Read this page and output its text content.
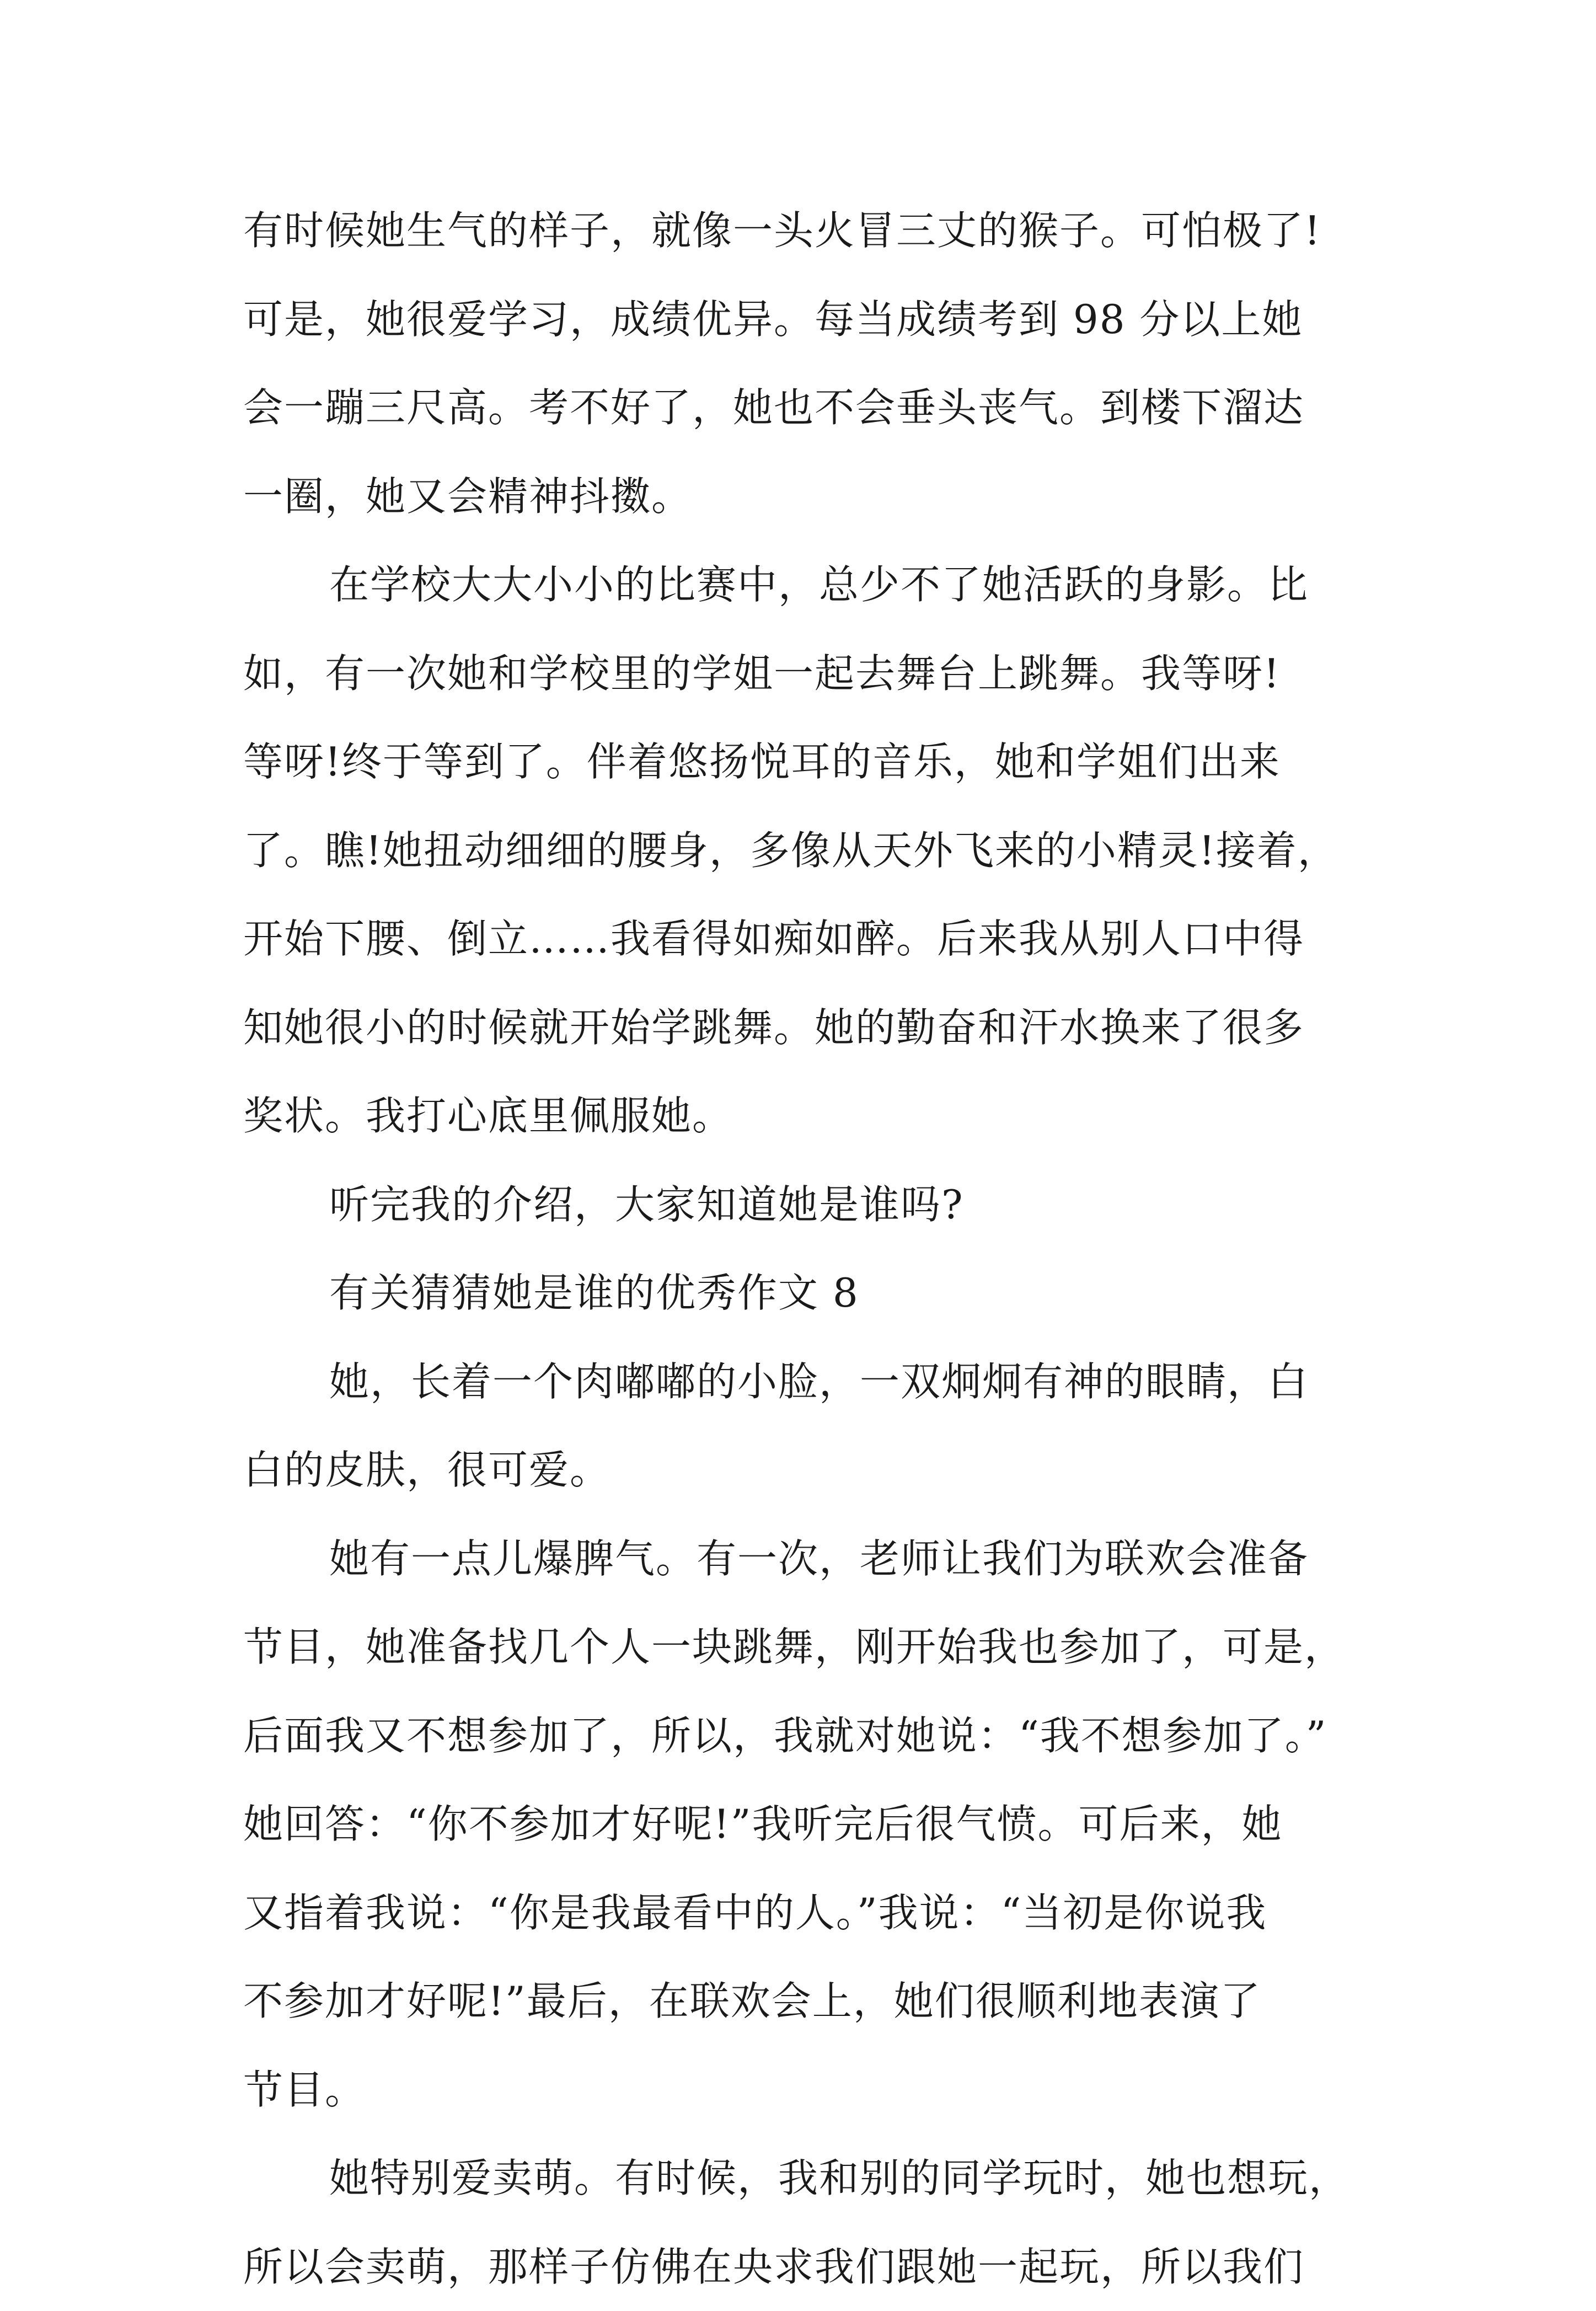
有时候她生气的样子，就像一头火冒三丈的猴子。可怕极了!
可是，她很爱学习，成绩优异。每当成绩考到 98 分以上她
会一蹦三尺高。考不好了，她也不会垂头丧气。到楼下溜达
一圈，她又会精神抖擞。
在学校大大小小的比赛中，总少不了她活跃的身影。比
如，有一次她和学校里的学姐一起去舞台上跳舞。我等呀!
等呀!终于等到了。伴着悠扬悦耳的音乐，她和学姐们出来
了。瞧!她扭动细细的腰身，多像从天外飞来的小精灵!接着，
开始下腰、倒立……我看得如痴如醉。后来我从别人口中得
知她很小的时候就开始学跳舞。她的勤奋和汗水换来了很多
奖状。我打心底里佩服她。
听完我的介绍，大家知道她是谁吗?
有关猜猜她是谁的优秀作文 8
她，长着一个肉嘟嘟的小脸，一双炯炯有神的眼睛，白
白的皮肤，很可爱。
她有一点儿爆脾气。有一次，老师让我们为联欢会准备
节目，她准备找几个人一块跳舞，刚开始我也参加了，可是，
后面我又不想参加了，所以，我就对她说：“我不想参加了。”
她回答：“你不参加才好呢!”我听完后很气愤。可后来，她
又指着我说：“你是我最看中的人。”我说：“当初是你说我
不参加才好呢!”最后，在联欢会上，她们很顺利地表演了
节目。
她特别爱卖萌。有时候，我和别的同学玩时，她也想玩，
所以会卖萌，那样子仿佛在央求我们跟她一起玩，所以我们
